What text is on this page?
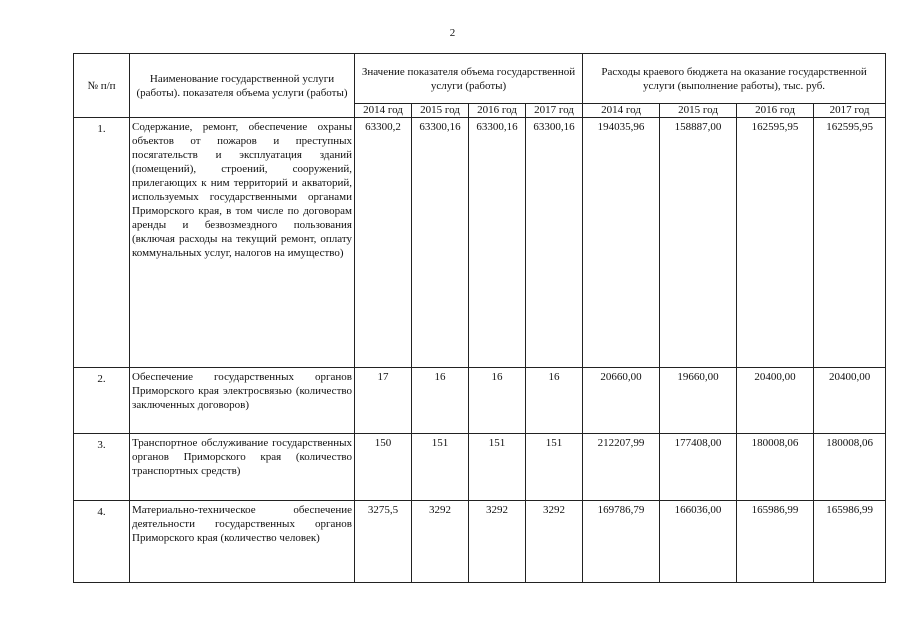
2
№ п/п	Наименование государственной услуги (работы). показателя объема услуги (работы)	Значение показателя объема государственной услуги (работы)				Расходы краевого бюджета на оказание государственной услуги (выполнение работы), тыс. руб.			
		2014 год	2015 год	2016 год	2017 год	2014 год	2015 год	2016 год	2017 год
1.	Содержание, ремонт, обеспечение охраны объектов от пожаров и преступных посягательств и эксплуатация зданий (помещений), строений, сооружений, прилегающих к ним территорий и акваторий, используемых государственными органами Приморского края, в том числе по договорам аренды и безвозмездного пользования (включая расходы на текущий ремонт, оплату коммунальных услуг, налогов на имущество)	63300,2	63300,16	63300,16	63300,16	194035,96	158887,00	162595,95	162595,95
2.	Обеспечение государственных органов Приморского края электросвязью (количество заключенных договоров)	17	16	16	16	20660,00	19660,00	20400,00	20400,00
3.	Транспортное обслуживание государственных органов Приморского края (количество транспортных средств)	150	151	151	151	212207,99	177408,00	180008,06	180008,06
4.	Материально-техническое обеспечение деятельности государственных органов Приморского края (количество человек)	3275,5	3292	3292	3292	169786,79	166036,00	165986,99	165986,99
